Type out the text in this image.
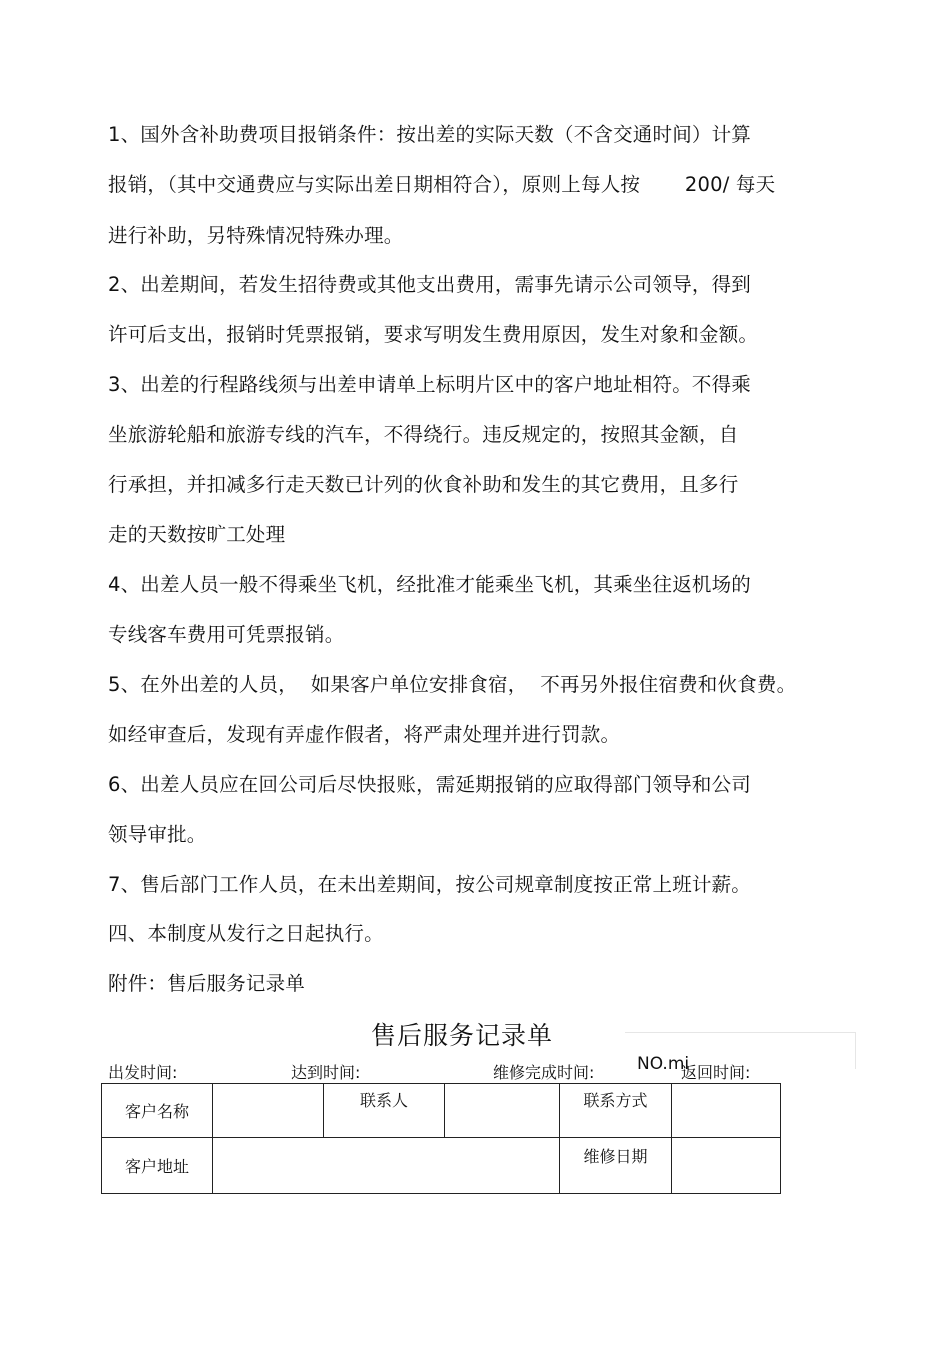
1、国外含补助费项目报销条件：按出差的实际天数（不含交通时间）计算
报销，（其中交通费应与实际出差日期相符合），原则上每人按       200/ 每天
进行补助，另特殊情况特殊办理。
2、出差期间，若发生招待费或其他支出费用，需事先请示公司领导，得到
许可后支出，报销时凭票报销，要求写明发生费用原因，发生对象和金额。
3、出差的行程路线须与出差申请单上标明片区中的客户地址相符。不得乘
坐旅游轮船和旅游专线的汽车，不得绕行。违反规定的，按照其金额，自
行承担，并扣减多行走天数已计列的伙食补助和发生的其它费用，且多行
走的天数按旷工处理
4、出差人员一般不得乘坐飞机，经批准才能乘坐飞机，其乘坐往返机场的
专线客车费用可凭票报销。
5、在外出差的人员，  如果客户单位安排食宿，  不再另外报住宿费和伙食费。
如经审查后，发现有弄虚作假者，将严肃处理并进行罚款。
6、出差人员应在回公司后尽快报账，需延期报销的应取得部门领导和公司
领导审批。
7、售后部门工作人员，在未出差期间，按公司规章制度按正常上班计薪。
四、本制度从发行之日起执行。
附件：售后服务记录单
售后服务记录单
NO.mi
出发时间:	达到时间:	维修完成时间:	返回时间:
客户名称		联系人		联系方式	
客户地址				维修日期	
